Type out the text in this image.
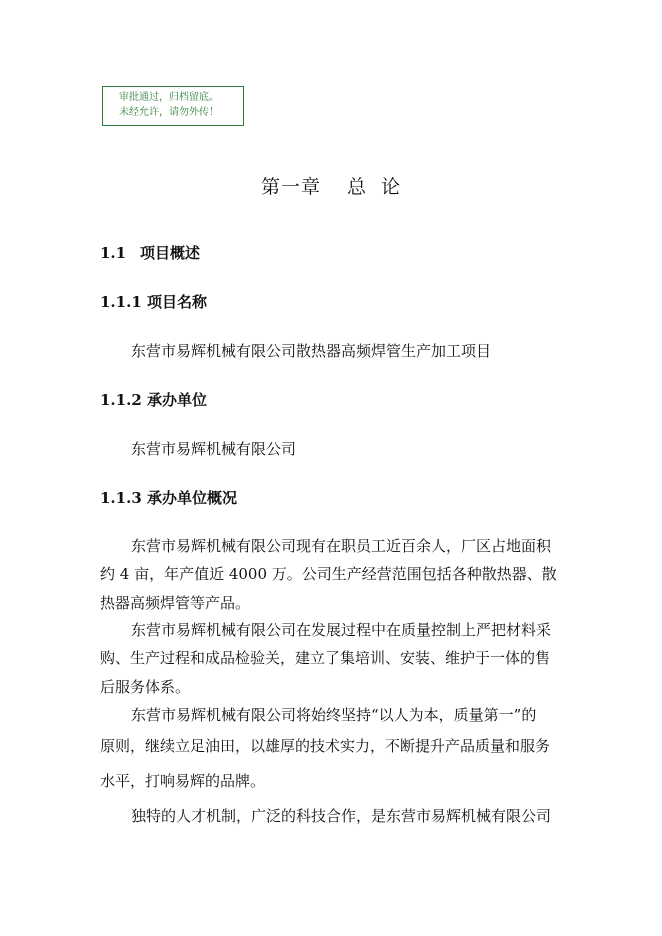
审批通过，归档留底。
未经允许，请勿外传！
第一章 总  论
1.1 项目概述
1.1.1 项目名称
东营市易辉机械有限公司散热器高频焊管生产加工项目
1.1.2 承办单位
东营市易辉机械有限公司
1.1.3 承办单位概况
东营市易辉机械有限公司现有在职员工近百余人，厂区占地面积
约 4 亩，年产值近 4000 万。公司生产经营范围包括各种散热器、散
热器高频焊管等产品。
东营市易辉机械有限公司在发展过程中在质量控制上严把材料采
购、生产过程和成品检验关，建立了集培训、安装、维护于一体的售
后服务体系。
东营市易辉机械有限公司将始终坚持“以人为本，质量第一”的
原则，继续立足油田，以雄厚的技术实力，不断提升产品质量和服务
水平，打响易辉的品牌。
独特的人才机制，广泛的科技合作，是东营市易辉机械有限公司
